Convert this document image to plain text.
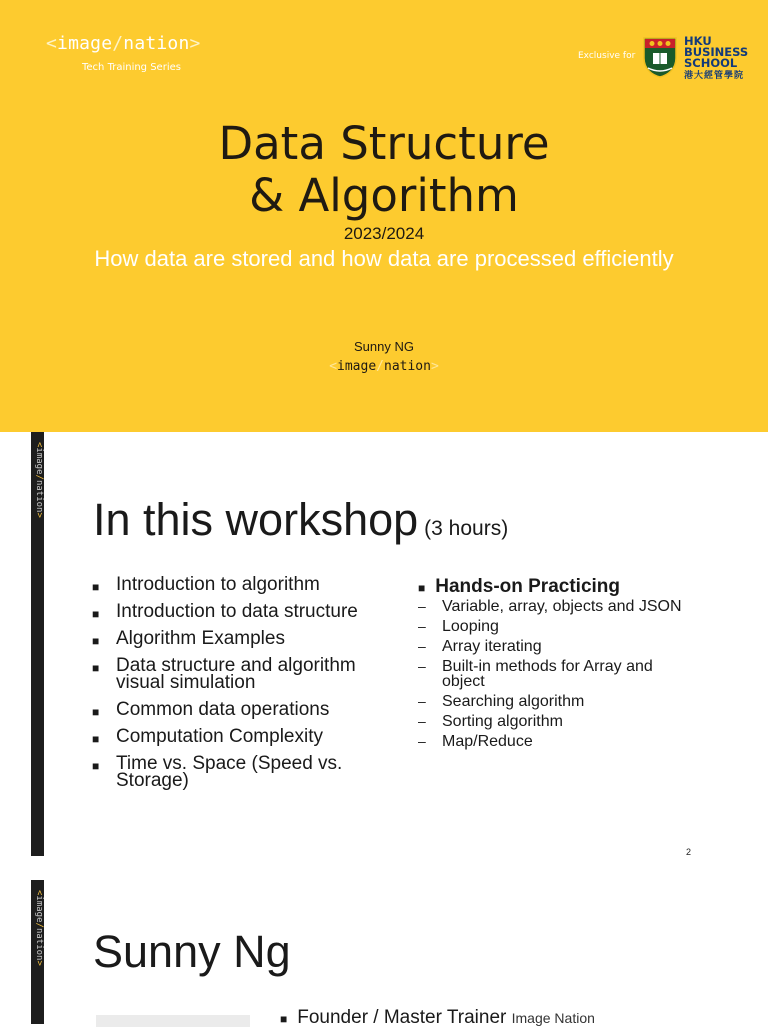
<image/nation>
Tech Training Series
Exclusive for
HKU
BUSINESS
SCHOOL
港大經管學院
Data Structure
& Algorithm
2023/2024
How data are stored and how data are processed efficiently
Sunny NG
<image/nation>
<image/nation> In this workshop (3 hours)
■ Introduction to algorithm
■ Introduction to data structure
■ Algorithm Examples
■ Data structure and algorithm visual simulation
■ Common data operations
■ Computation Complexity
■ Time vs. Space (Speed vs. Storage)
■ Hands-on Practicing
– Variable, array, objects and JSON
– Looping
– Array iterating
– Built-in methods for Array and object
– Searching algorithm
– Sorting algorithm
– Map/Reduce
2
<image/nation> Sunny Ng
■ Founder / Master Trainer Image Nation
